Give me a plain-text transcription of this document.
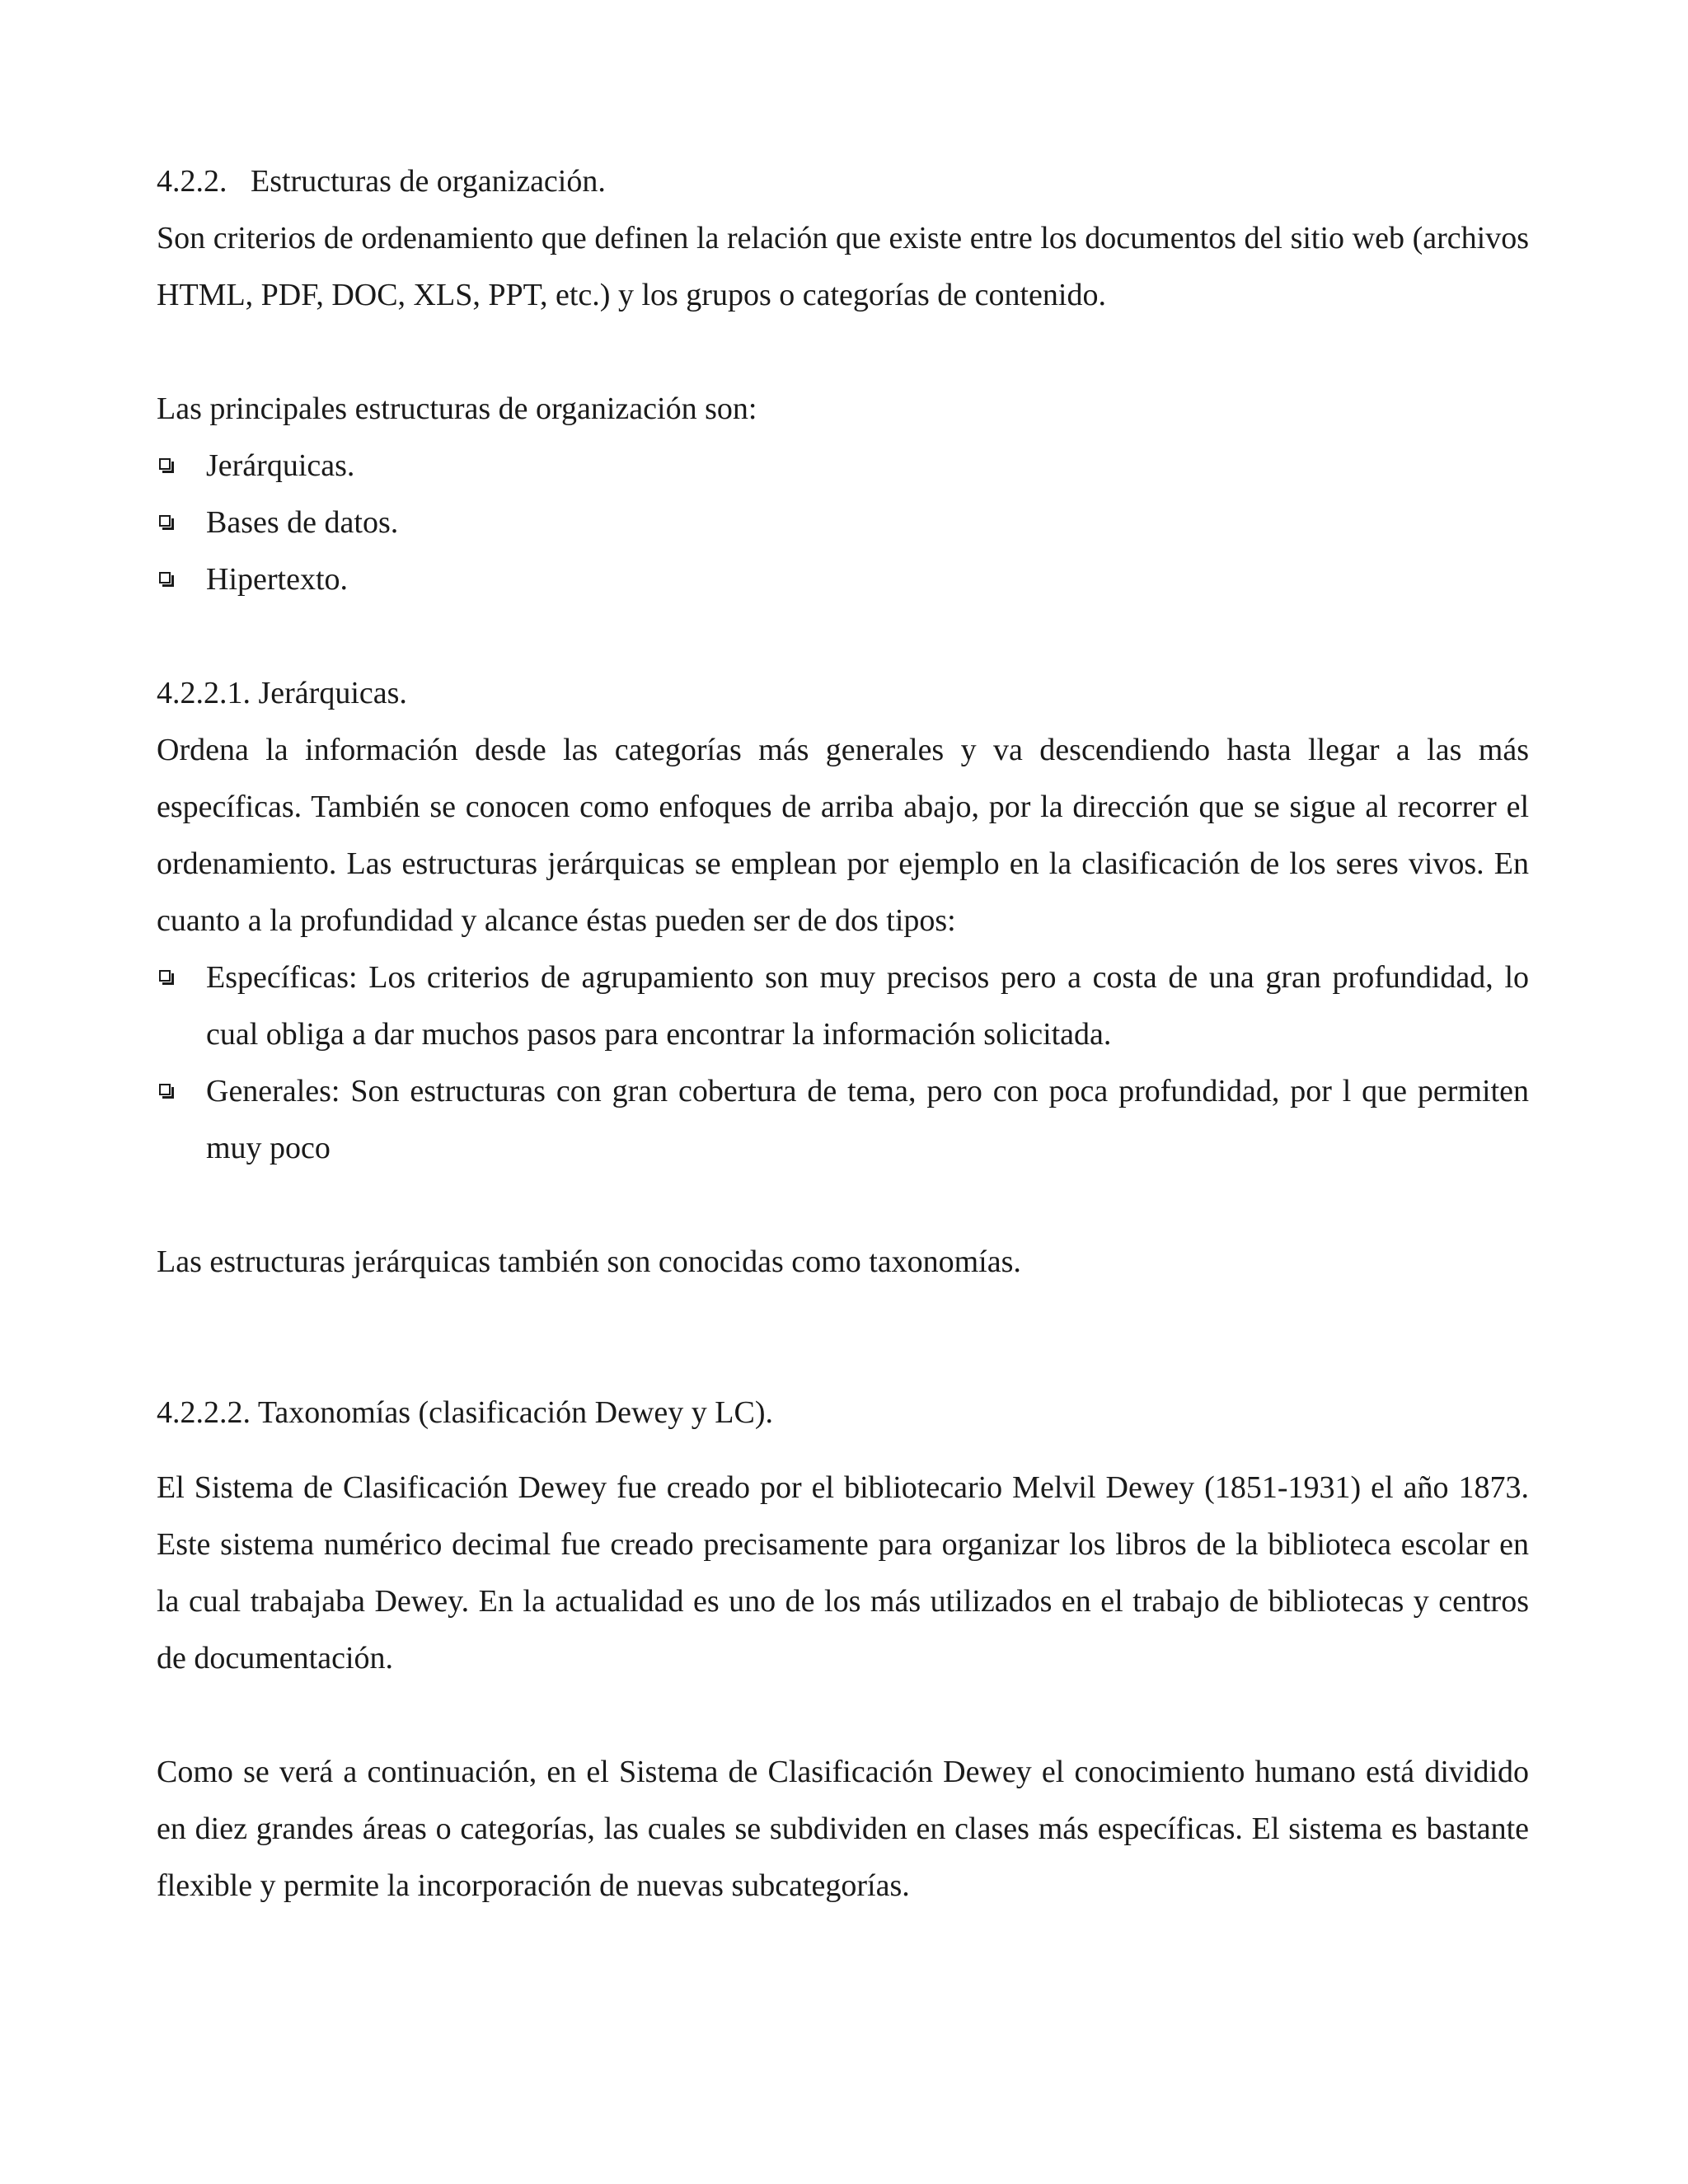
4.2.2.   Estructuras de organización.

Son criterios de ordenamiento que definen la relación que existe entre los documentos del sitio web (archivos HTML, PDF, DOC, XLS, PPT, etc.) y los grupos o categorías de contenido.

Las principales estructuras de organización son:

Jerárquicas.
Bases de datos.
Hipertexto.

4.2.2.1. Jerárquicas.

Ordena la información desde las categorías más generales y va descendiendo hasta llegar a las más específicas. También se conocen como enfoques de arriba abajo, por la dirección que se sigue al recorrer el ordenamiento. Las estructuras jerárquicas se emplean por ejemplo en la clasificación de los seres vivos. En cuanto a la profundidad y alcance éstas pueden ser de dos tipos:

Específicas: Los criterios de agrupamiento son muy precisos pero a costa de una gran profundidad, lo cual obliga a dar muchos pasos para encontrar la información solicitada.
Generales: Son estructuras con gran cobertura de tema, pero con poca profundidad, por l que permiten muy poco

Las estructuras jerárquicas también son conocidas como taxonomías.

4.2.2.2. Taxonomías (clasificación Dewey y LC).

El Sistema de Clasificación Dewey fue creado por el bibliotecario Melvil Dewey (1851-1931) el año 1873. Este sistema numérico decimal fue creado precisamente para organizar los libros de la biblioteca escolar en la cual trabajaba Dewey. En la actualidad es uno de los más utilizados en el trabajo de bibliotecas y centros de documentación.

Como se verá a continuación, en el Sistema de Clasificación Dewey el conocimiento humano está dividido en diez grandes áreas o categorías, las cuales se subdividen en clases más específicas. El sistema es bastante flexible y permite la incorporación de nuevas subcategorías.
